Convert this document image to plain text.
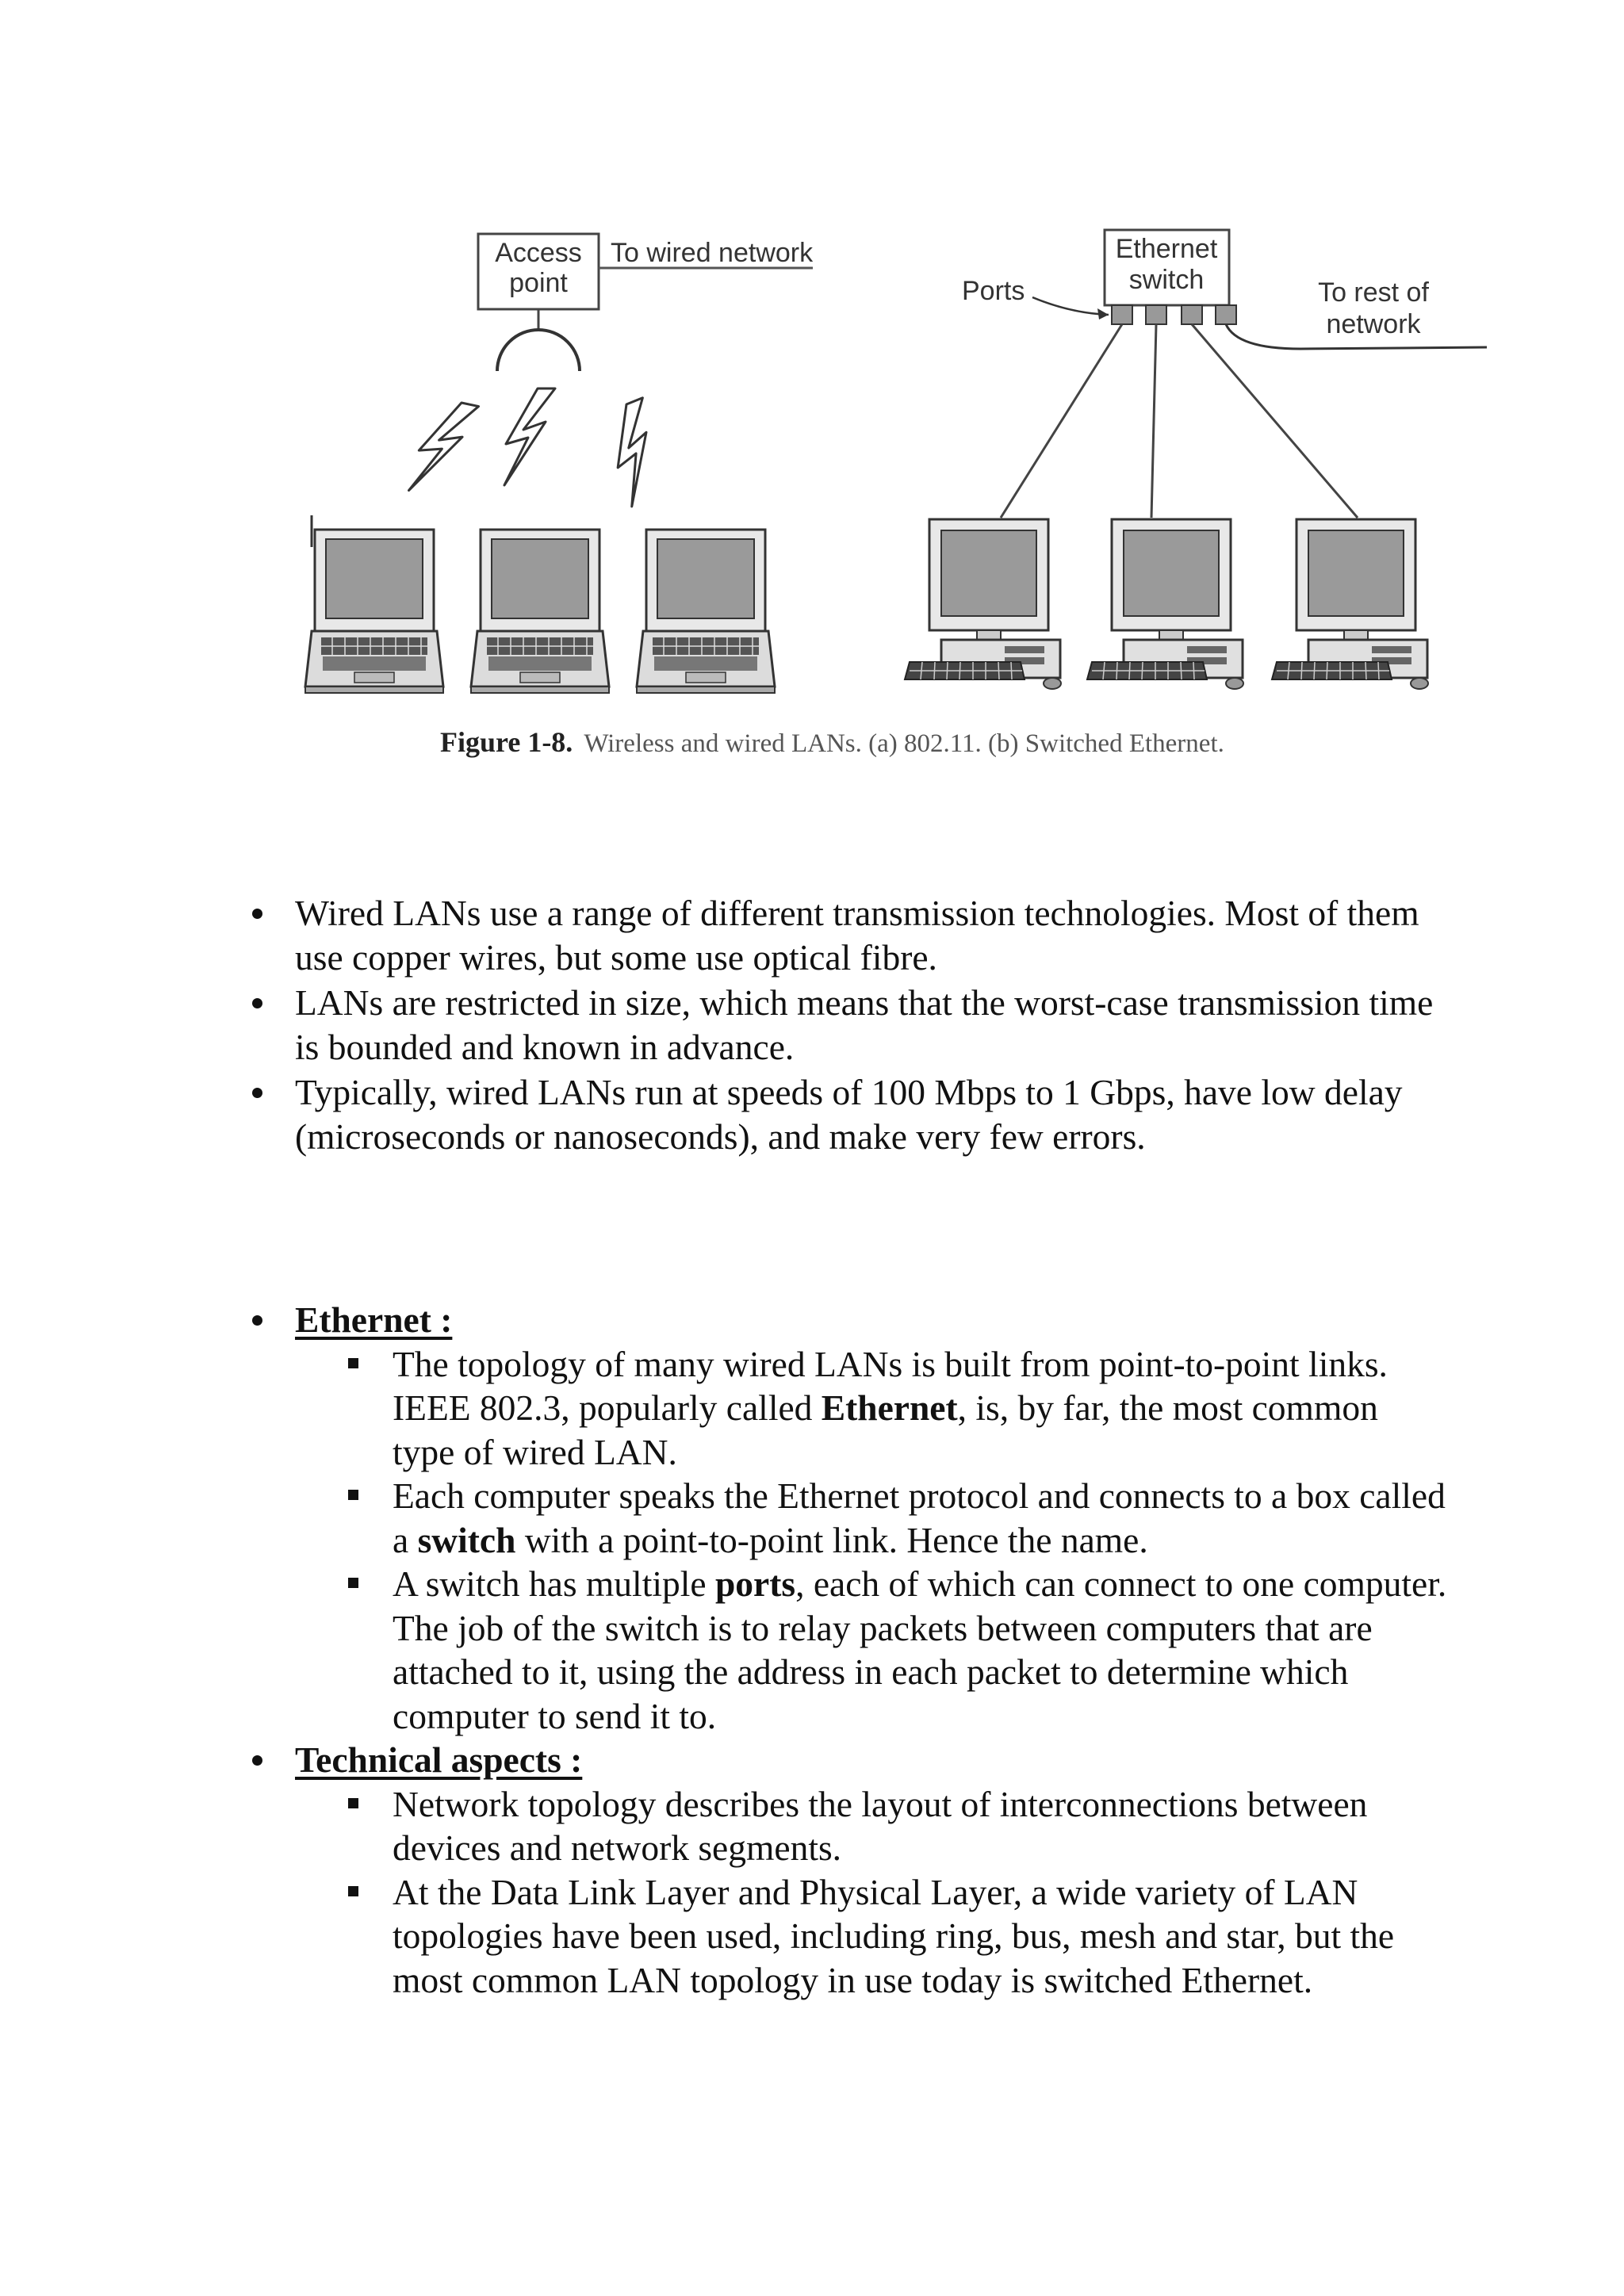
Access
point
To wired network	Ethernet
switch
Ports	To rest of
network
Figure 1-8. Wireless and wired LANs. (a) 802.11. (b) Switched Ethernet.
Wired LANs use a range of different transmission technologies. Most of them use copper wires, but some use optical fibre.
LANs are restricted in size, which means that the worst-case transmission time is bounded and known in advance.
Typically, wired LANs run at speeds of 100 Mbps to 1 Gbps, have low delay (microseconds or nanoseconds), and make very few errors.
Ethernet :
The topology of many wired LANs is built from point-to-point links. IEEE 802.3, popularly called Ethernet, is, by far, the most common type of wired LAN.
Each computer speaks the Ethernet protocol and connects to a box called a switch with a point-to-point link. Hence the name.
A switch has multiple ports, each of which can connect to one computer. The job of the switch is to relay packets between computers that are attached to it, using the address in each packet to determine which computer to send it to.
Technical aspects :
Network topology describes the layout of interconnections between devices and network segments.
At the Data Link Layer and Physical Layer, a wide variety of LAN topologies have been used, including ring, bus, mesh and star, but the most common LAN topology in use today is switched Ethernet.
